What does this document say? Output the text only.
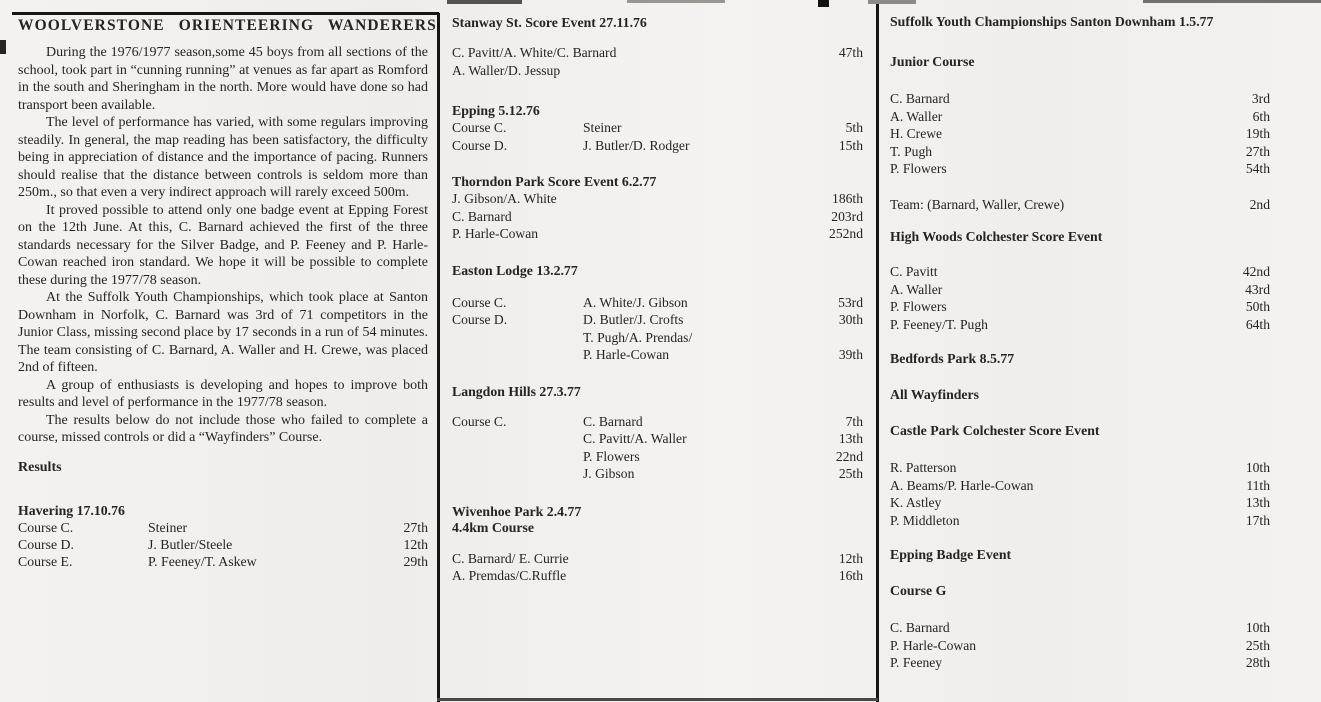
WOOLVERSTONE ORIENTEERING WANDERERS

During the 1976/1977 season,some 45 boys from all sections of the school, took part in “cunning running” at venues as far apart as Romford in the south and Sheringham in the north. More would have done so had transport been available.

The level of performance has varied, with some regulars improving steadily. In general, the map reading has been satisfactory, the difficulty being in appreciation of distance and the importance of pacing. Runners should realise that the distance between controls is seldom more than 250m., so that even a very indirect approach will rarely exceed 500m.

It proved possible to attend only one badge event at Epping Forest on the 12th June. At this, C. Barnard achieved the first of the three standards necessary for the Silver Badge, and P. Feeney and P. Harle-Cowan reached iron standard. We hope it will be possible to complete these during the 1977/78 season.

At the Suffolk Youth Championships, which took place at Santon Downham in Norfolk, C. Barnard was 3rd of 71 competitors in the Junior Class, missing second place by 17 seconds in a run of 54 minutes. The team consisting of C. Barnard, A. Waller and H. Crewe, was placed 2nd of fifteen.

A group of enthusiasts is developing and hopes to improve both results and level of performance in the 1977/78 season.

The results below do not include those who failed to complete a course, missed controls or did a “Wayfinders” Course.

Results
Havering 17.10.76
Course C.	Steiner	27th
Course D.	J. Butler/Steele	12th
Course E.	P. Feeney/T. Askew	29th
Stanway St. Score Event 27.11.76
C. Pavitt/A. White/C. Barnard	47th
A. Waller/D. Jessup
Epping 5.12.76
Course C.	Steiner	5th
Course D.	J. Butler/D. Rodger	15th
Thorndon Park Score Event 6.2.77
J. Gibson/A. White	186th
C. Barnard	203rd
P. Harle-Cowan	252nd
Easton Lodge 13.2.77
Course C.	A. White/J. Gibson	53rd
Course D.	D. Butler/J. Crofts	30th
T. Pugh/A. Prendas/
P. Harle-Cowan	39th
Langdon Hills 27.3.77
Course C.	C. Barnard	7th
C. Pavitt/A. Waller	13th
P. Flowers	22nd
J. Gibson	25th
Wivenhoe Park 2.4.77
4.4km Course
C. Barnard/ E. Currie	12th
A. Premdas/C.Ruffle	16th
Suffolk Youth Championships Santon Downham 1.5.77
Junior Course
C. Barnard	3rd
A. Waller	6th
H. Crewe	19th
T. Pugh	27th
P. Flowers	54th
Team: (Barnard, Waller, Crewe)	2nd
High Woods Colchester Score Event
C. Pavitt	42nd
A. Waller	43rd
P. Flowers	50th
P. Feeney/T. Pugh	64th
Bedfords Park 8.5.77
All Wayfinders
Castle Park Colchester Score Event
R. Patterson	10th
A. Beams/P. Harle-Cowan	11th
K. Astley	13th
P. Middleton	17th
Epping Badge Event
Course G
C. Barnard	10th
P. Harle-Cowan	25th
P. Feeney	28th
